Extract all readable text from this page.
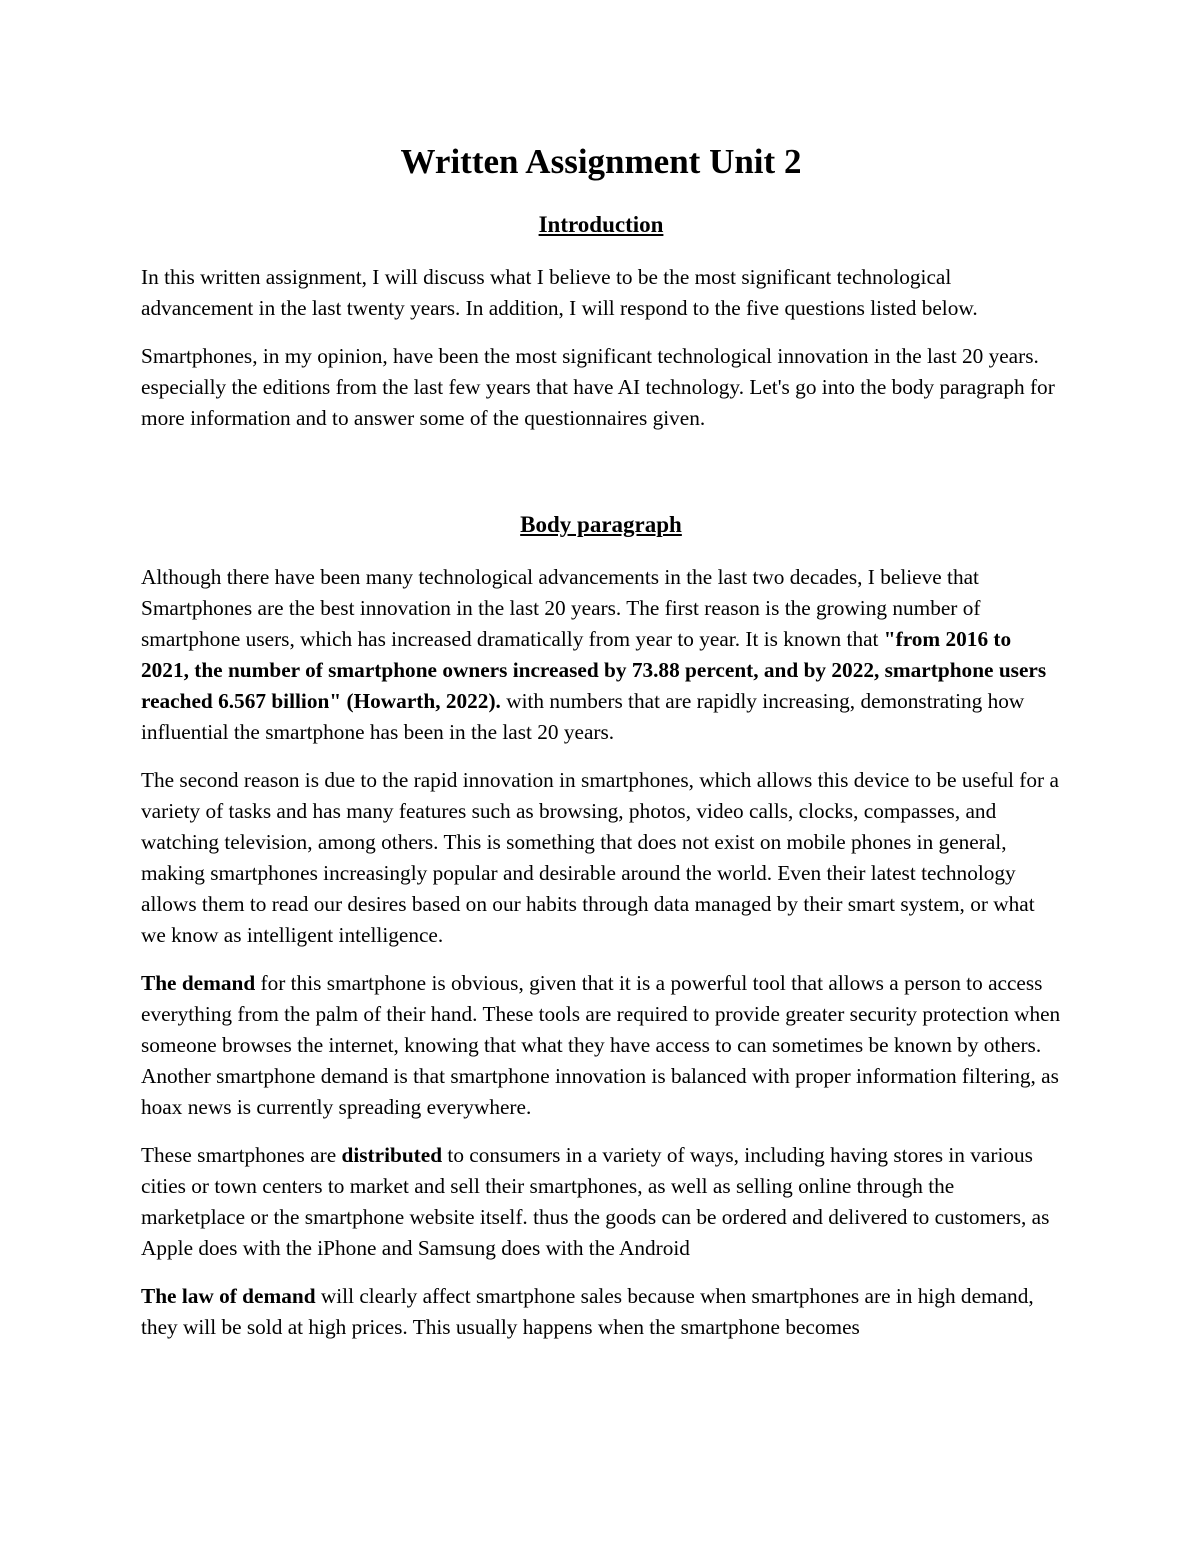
Written Assignment Unit 2
Introduction

In this written assignment, I will discuss what I believe to be the most significant technological advancement in the last twenty years. In addition, I will respond to the five questions listed below.

Smartphones, in my opinion, have been the most significant technological innovation in the last 20 years. especially the editions from the last few years that have AI technology. Let's go into the body paragraph for more information and to answer some of the questionnaires given.

Body paragraph

Although there have been many technological advancements in the last two decades, I believe that Smartphones are the best innovation in the last 20 years. The first reason is the growing number of smartphone users, which has increased dramatically from year to year. It is known that "from 2016 to 2021, the number of smartphone owners increased by 73.88 percent, and by 2022, smartphone users reached 6.567 billion" (Howarth, 2022). with numbers that are rapidly increasing, demonstrating how influential the smartphone has been in the last 20 years.

The second reason is due to the rapid innovation in smartphones, which allows this device to be useful for a variety of tasks and has many features such as browsing, photos, video calls, clocks, compasses, and watching television, among others. This is something that does not exist on mobile phones in general, making smartphones increasingly popular and desirable around the world. Even their latest technology allows them to read our desires based on our habits through data managed by their smart system, or what we know as intelligent intelligence.

The demand for this smartphone is obvious, given that it is a powerful tool that allows a person to access everything from the palm of their hand. These tools are required to provide greater security protection when someone browses the internet, knowing that what they have access to can sometimes be known by others. Another smartphone demand is that smartphone innovation is balanced with proper information filtering, as hoax news is currently spreading everywhere.

These smartphones are distributed to consumers in a variety of ways, including having stores in various cities or town centers to market and sell their smartphones, as well as selling online through the marketplace or the smartphone website itself. thus the goods can be ordered and delivered to customers, as Apple does with the iPhone and Samsung does with the Android

The law of demand will clearly affect smartphone sales because when smartphones are in high demand, they will be sold at high prices. This usually happens when the smartphone becomes
